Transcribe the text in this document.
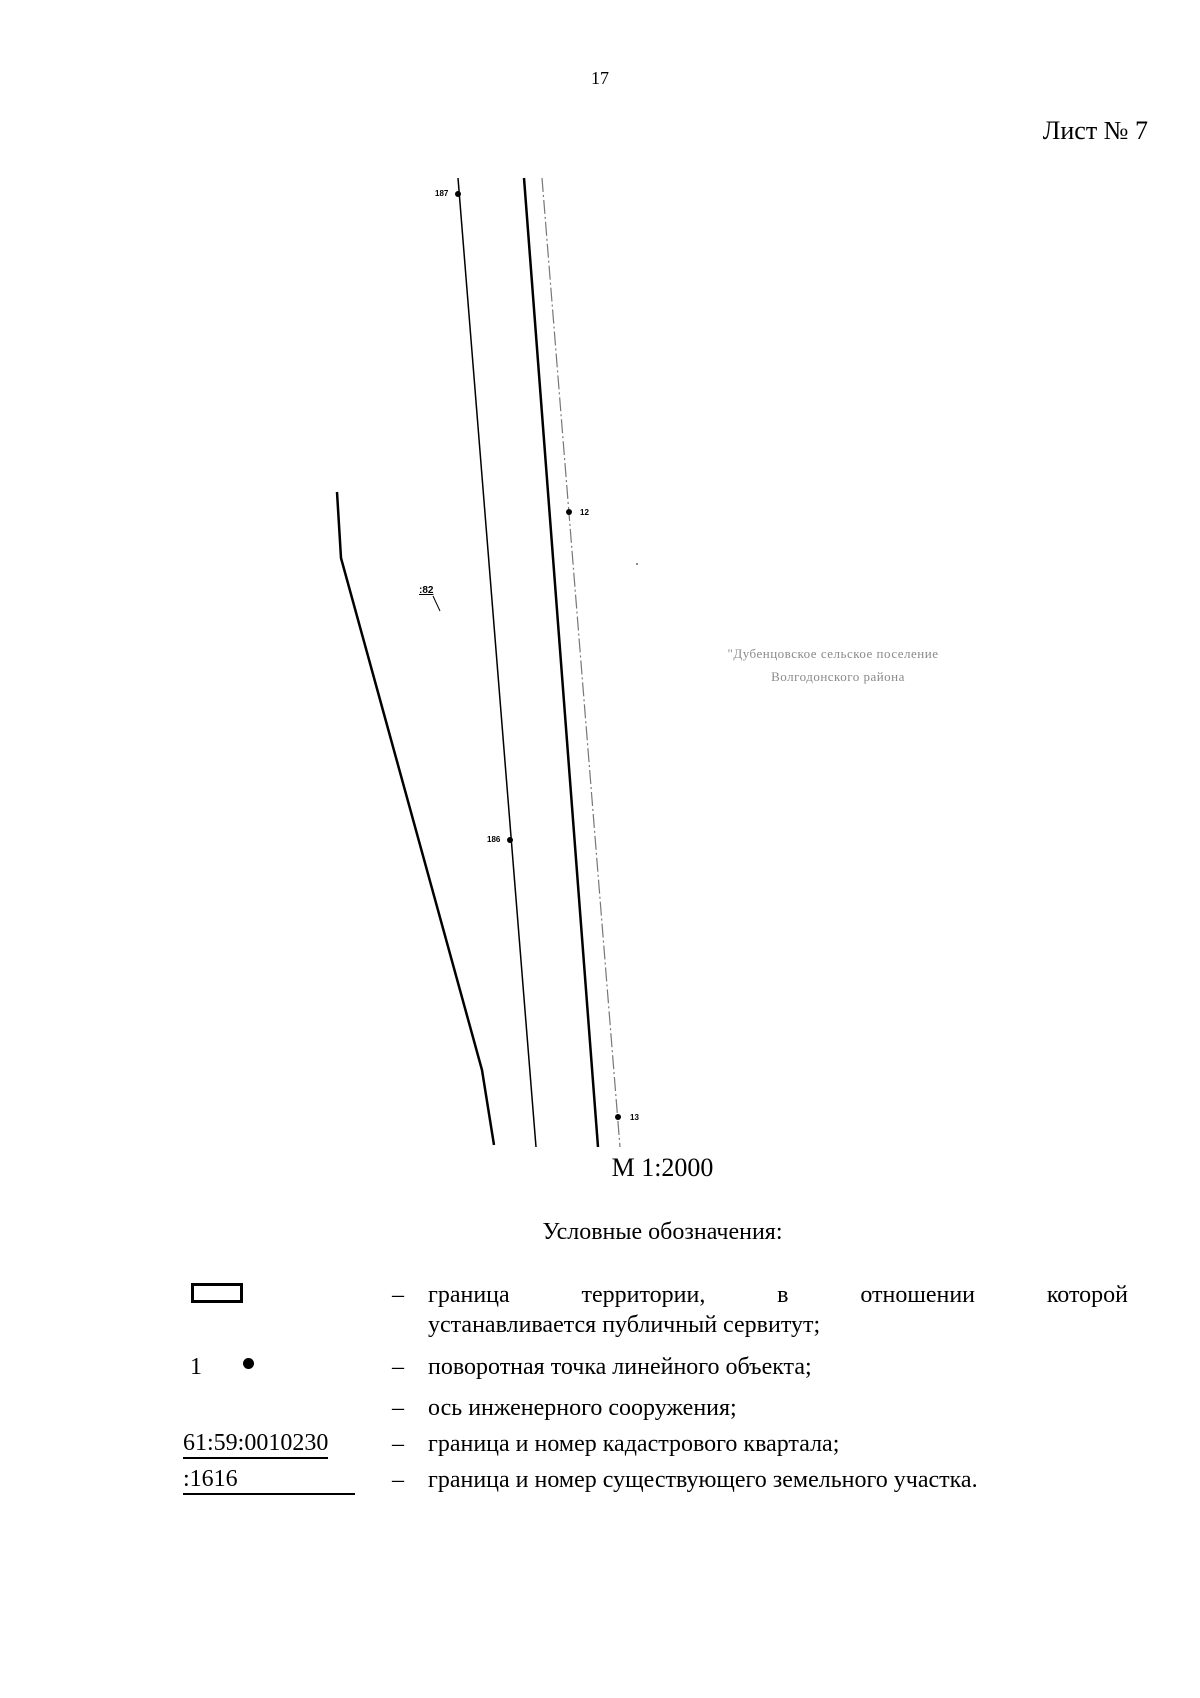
17
Лист № 7
187
12
186
13
:82
"Дубенцовское сельское поселение
Волгодонского района
М 1:2000
Условные обозначения:
– граница территории, в отношении которой
устанавливается публичный сервитут;
1	– поворотная точка линейного объекта;
– ось инженерного сооружения;
61:59:0010230	– граница и номер кадастрового квартала;
:1616	– граница и номер существующего земельного участка.
